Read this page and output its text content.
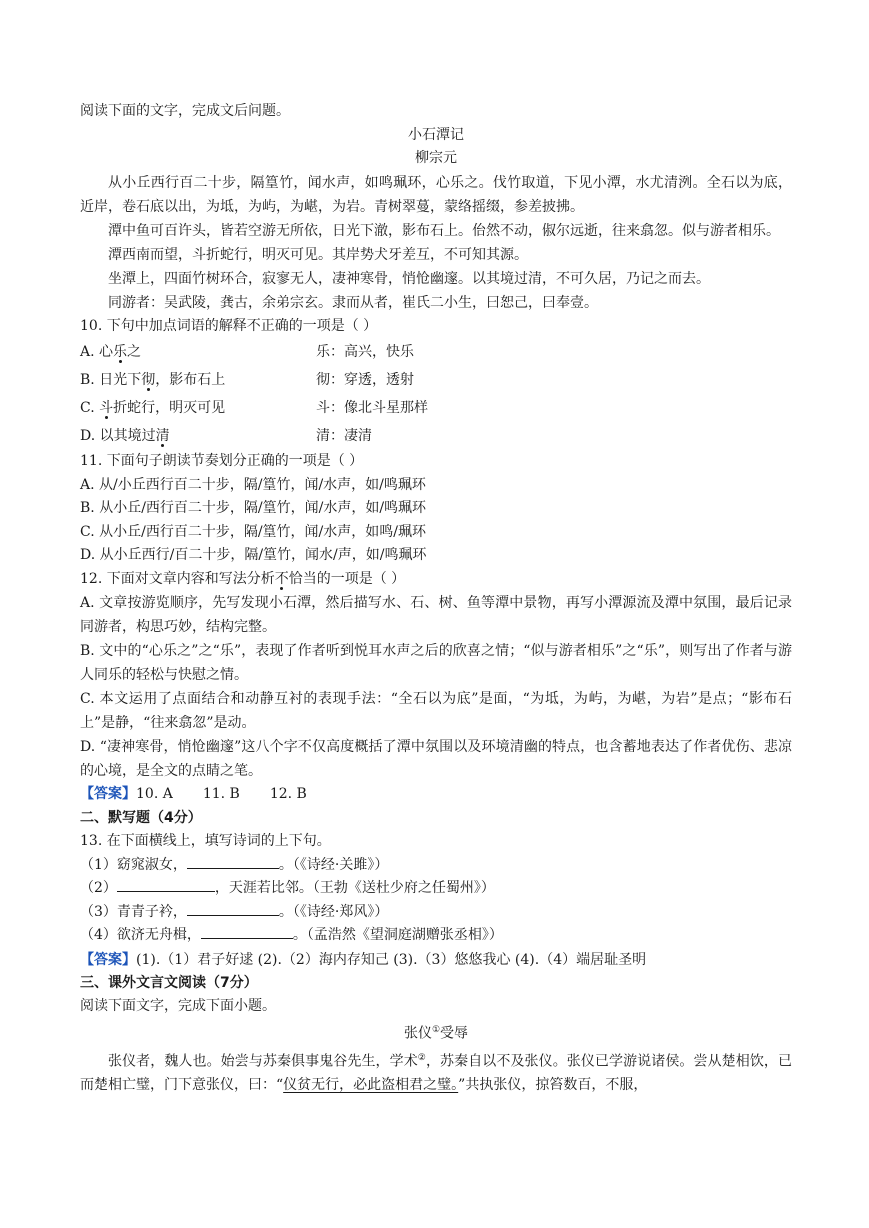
阅读下面的文字，完成文后问题。
小石潭记
柳宗元
从小丘西行百二十步，隔篁竹，闻水声，如鸣珮环，心乐之。伐竹取道，下见小潭，水尤清洌。全石以为底，近岸，卷石底以出，为坻，为屿，为嵁，为岩。青树翠蔓，蒙络摇缀，参差披拂。
潭中鱼可百许头，皆若空游无所依，日光下澈，影布石上。佁然不动，俶尔远逝，往来翕忽。似与游者相乐。
潭西南而望，斗折蛇行，明灭可见。其岸势犬牙差互，不可知其源。
坐潭上，四面竹树环合，寂寥无人，凄神寒骨，悄怆幽邃。以其境过清，不可久居，乃记之而去。
同游者：吴武陵，龚古，余弟宗玄。隶而从者，崔氏二小生，曰恕己，曰奉壹。
10. 下句中加点词语的解释不正确的一项是（ ）
A. 心乐之	乐：高兴，快乐
B. 日光下彻，影布石上	彻：穿透，透射
C. 斗折蛇行，明灭可见	斗：像北斗星那样
D. 以其境过清	清：凄清
11. 下面句子朗读节奏划分正确的一项是（ ）
A. 从/小丘西行百二十步，隔/篁竹，闻/水声，如/鸣珮环
B. 从小丘/西行百二十步，隔/篁竹，闻/水声，如/鸣珮环
C. 从小丘/西行百二十步，隔/篁竹，闻/水声，如鸣/珮环
D. 从小丘西行/百二十步，隔/篁竹，闻水/声，如/鸣珮环
12. 下面对文章内容和写法分析不恰当的一项是（ ）
A. 文章按游览顺序，先写发现小石潭，然后描写水、石、树、鱼等潭中景物，再写小潭源流及潭中氛围，最后记录同游者，构思巧妙，结构完整。
B. 文中的“心乐之”之“乐”，表现了作者听到悦耳水声之后的欣喜之情；“似与游者相乐”之“乐”，则写出了作者与游人同乐的轻松与快慰之情。
C. 本文运用了点面结合和动静互衬的表现手法：“全石以为底”是面，“为坻，为屿，为嵁，为岩”是点；“影布石上”是静，“往来翕忽”是动。
D. “凄神寒骨，悄怆幽邃”这八个字不仅高度概括了潭中氛围以及环境清幽的特点，也含蓄地表达了作者优伤、悲凉的心境，是全文的点睛之笔。
【答案】10. A 11. B 12. B
二、默写题（4分）
13. 在下面横线上，填写诗词的上下句。
（1）窈窕淑女，	。（《诗经·关雎》）
（2）	，天涯若比邻。（王勃《送杜少府之任蜀州》）
（3）青青子衿，	。（《诗经·郑风》）
（4）欲济无舟楫，	。（孟浩然《望洞庭湖赠张丞相》）
【答案】(1).（1）君子好逑 (2).（2）海内存知己 (3).（3）悠悠我心 (4).（4）端居耻圣明
三、课外文言文阅读（7分）
阅读下面文字，完成下面小题。
张仪①受辱
张仪者，魏人也。始尝与苏秦俱事鬼谷先生，学术②，苏秦自以不及张仪。张仪已学游说诸侯。尝从楚相饮，已而楚相亡璧，门下意张仪，曰：“仪贫无行，必此盗相君之璧。”共执张仪，掠笞数百，不服，
